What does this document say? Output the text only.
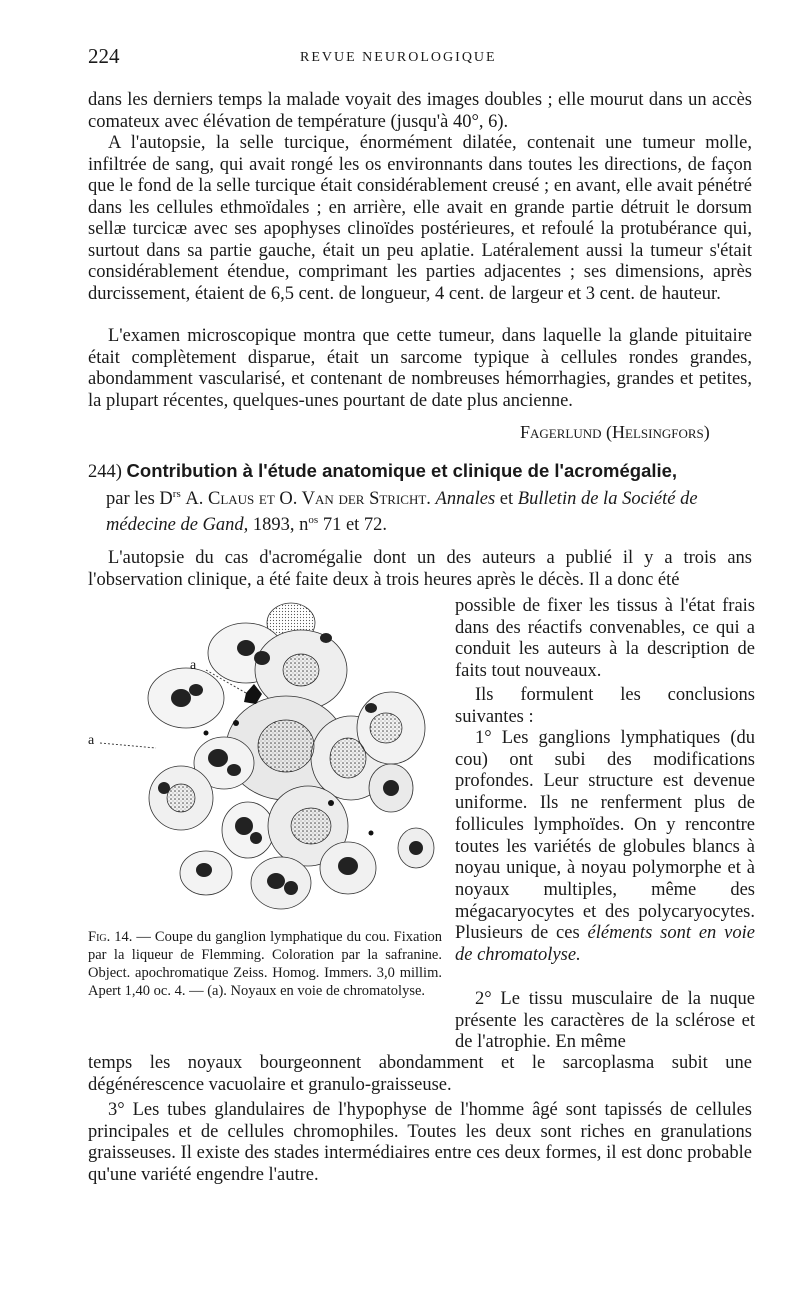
224	REVUE NEUROLOGIQUE

dans les derniers temps la malade voyait des images doubles ; elle mourut dans un accès comateux avec élévation de température (jusqu'à 40°, 6).

A l'autopsie, la selle turcique, énormément dilatée, contenait une tumeur molle, infiltrée de sang, qui avait rongé les os environnants dans toutes les directions, de façon que le fond de la selle turcique était considérablement creusé ; en avant, elle avait pénétré dans les cellules ethmoïdales ; en arrière, elle avait en grande partie détruit le dorsum sellæ turcicæ avec ses apophyses clinoïdes postérieures, et refoulé la protubérance qui, surtout dans sa partie gauche, était un peu aplatie. Latéralement aussi la tumeur s'était considérablement étendue, comprimant les parties adjacentes ; ses dimensions, après durcissement, étaient de 6,5 cent. de longueur, 4 cent. de largeur et 3 cent. de hauteur.

L'examen microscopique montra que cette tumeur, dans laquelle la glande pituitaire était complètement disparue, était un sarcome typique à cellules rondes grandes, abondamment vascularisé, et contenant de nombreuses hémorrhagies, grandes et petites, la plupart récentes, quelques-unes pourtant de date plus ancienne.

Fagerlund (Helsingfors)
244) Contribution à l'étude anatomique et clinique de l'acromégalie,
par les $D^{rs}$ A. Claus et O. Van der Stricht. Annales et Bulletin de la Société de médecine de Gand, 1893, $n^{os}$ 71 et 72.

L'autopsie du cas d'acromégalie dont un des auteurs a publié il y a trois ans l'observation clinique, a été faite deux à trois heures après le décès. Il a donc été

possible de fixer les tissus à l'état frais dans des réactifs convenables, ce qui a conduit les auteurs à la description de faits tout nouveaux.

Ils formulent les conclusions suivantes :

1° Les ganglions lymphatiques (du cou) ont subi des modifications profondes. Leur structure est devenue uniforme. Ils ne renferment plus de follicules lymphoïdes. On y rencontre toutes les variétés de globules blancs à noyau unique, à noyau polymorphe et à noyaux multiples, même des mégacaryocytes et des polycaryocytes. Plusieurs de ces éléments sont en voie de chromatolyse.

2° Le tissu musculaire de la nuque présente les caractères de la sclérose et de l'atrophie. En même

temps les noyaux bourgeonnent abondamment et le sarcoplasma subit une dégénérescence vacuolaire et granulo-graisseuse.

3° Les tubes glandulaires de l'hypophyse de l'homme âgé sont tapissés de cellules principales et de cellules chromophiles. Toutes les deux sont riches en granulations graisseuses. Il existe des stades intermédiaires entre ces deux formes, il est donc probable qu'une variété engendre l'autre.

a
a

Fig. 14. — Coupe du ganglion lymphatique du cou. Fixation par la liqueur de Flemming. Coloration par la safranine. Object. apochromatique Zeiss. Homog. Immers. 3,0 millim. Apert 1,40 oc. 4. — (a). Noyaux en voie de chromatolyse.
